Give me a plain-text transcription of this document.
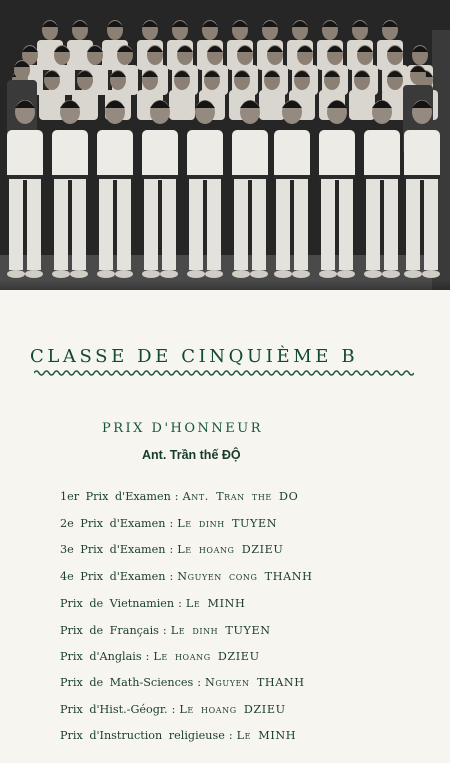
CLASSE DE CINQUIÈME B
PRIX D'HONNEUR
Ant. Trần thế ĐỘ
1er Prix d'Examen : Ant. Tran the DO
2e Prix d'Examen : Le dinh TUYEN
3e Prix d'Examen : Le hoang DZIEU
4e Prix d'Examen : Nguyen cong THANH
Prix de Vietnamien : Le MINH
Prix de Français : Le dinh TUYEN
Prix d'Anglais : Le hoang DZIEU
Prix de Math-Sciences : Nguyen THANH
Prix d'Hist.-Géogr. : Le hoang DZIEU
Prix d'Instruction religieuse : Le MINH
